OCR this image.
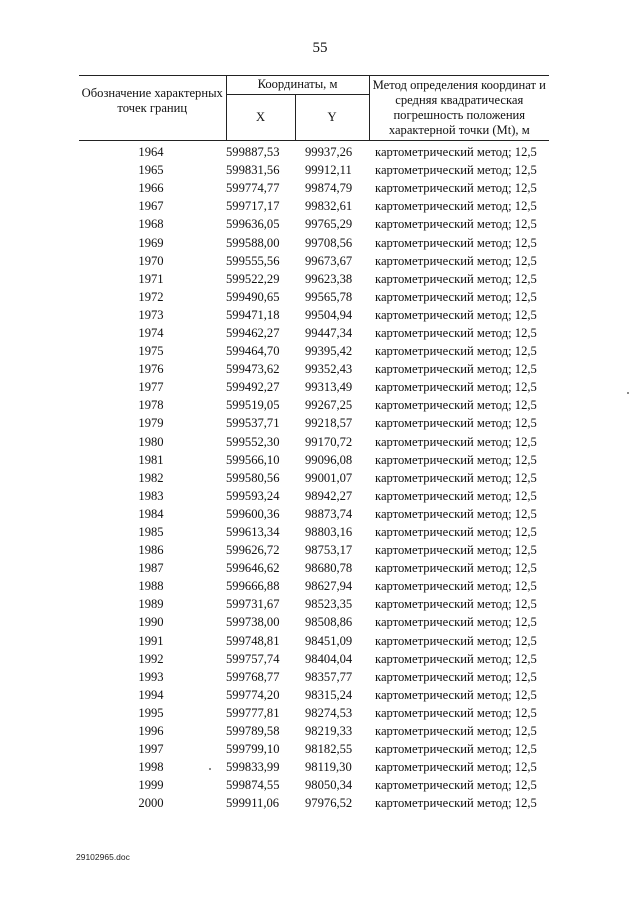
55
Обозначение характерных точек границ	Координаты, м		Метод определения координат и средняя квадратическая погрешность положения характерной точки (Mt), м
	X	Y	
1964	599887,53	99937,26	картометрический метод; 12,5
1965	599831,56	99912,11	картометрический метод; 12,5
1966	599774,77	99874,79	картометрический метод; 12,5
1967	599717,17	99832,61	картометрический метод; 12,5
1968	599636,05	99765,29	картометрический метод; 12,5
1969	599588,00	99708,56	картометрический метод; 12,5
1970	599555,56	99673,67	картометрический метод; 12,5
1971	599522,29	99623,38	картометрический метод; 12,5
1972	599490,65	99565,78	картометрический метод; 12,5
1973	599471,18	99504,94	картометрический метод; 12,5
1974	599462,27	99447,34	картометрический метод; 12,5
1975	599464,70	99395,42	картометрический метод; 12,5
1976	599473,62	99352,43	картометрический метод; 12,5
1977	599492,27	99313,49	картометрический метод; 12,5
1978	599519,05	99267,25	картометрический метод; 12,5
1979	599537,71	99218,57	картометрический метод; 12,5
1980	599552,30	99170,72	картометрический метод; 12,5
1981	599566,10	99096,08	картометрический метод; 12,5
1982	599580,56	99001,07	картометрический метод; 12,5
1983	599593,24	98942,27	картометрический метод; 12,5
1984	599600,36	98873,74	картометрический метод; 12,5
1985	599613,34	98803,16	картометрический метод; 12,5
1986	599626,72	98753,17	картометрический метод; 12,5
1987	599646,62	98680,78	картометрический метод; 12,5
1988	599666,88	98627,94	картометрический метод; 12,5
1989	599731,67	98523,35	картометрический метод; 12,5
1990	599738,00	98508,86	картометрический метод; 12,5
1991	599748,81	98451,09	картометрический метод; 12,5
1992	599757,74	98404,04	картометрический метод; 12,5
1993	599768,77	98357,77	картометрический метод; 12,5
1994	599774,20	98315,24	картометрический метод; 12,5
1995	599777,81	98274,53	картометрический метод; 12,5
1996	599789,58	98219,33	картометрический метод; 12,5
1997	599799,10	98182,55	картометрический метод; 12,5
1998	599833,99	98119,30	картометрический метод; 12,5
1999	599874,55	98050,34	картометрический метод; 12,5
2000	599911,06	97976,52	картометрический метод; 12,5
29102965.doc
